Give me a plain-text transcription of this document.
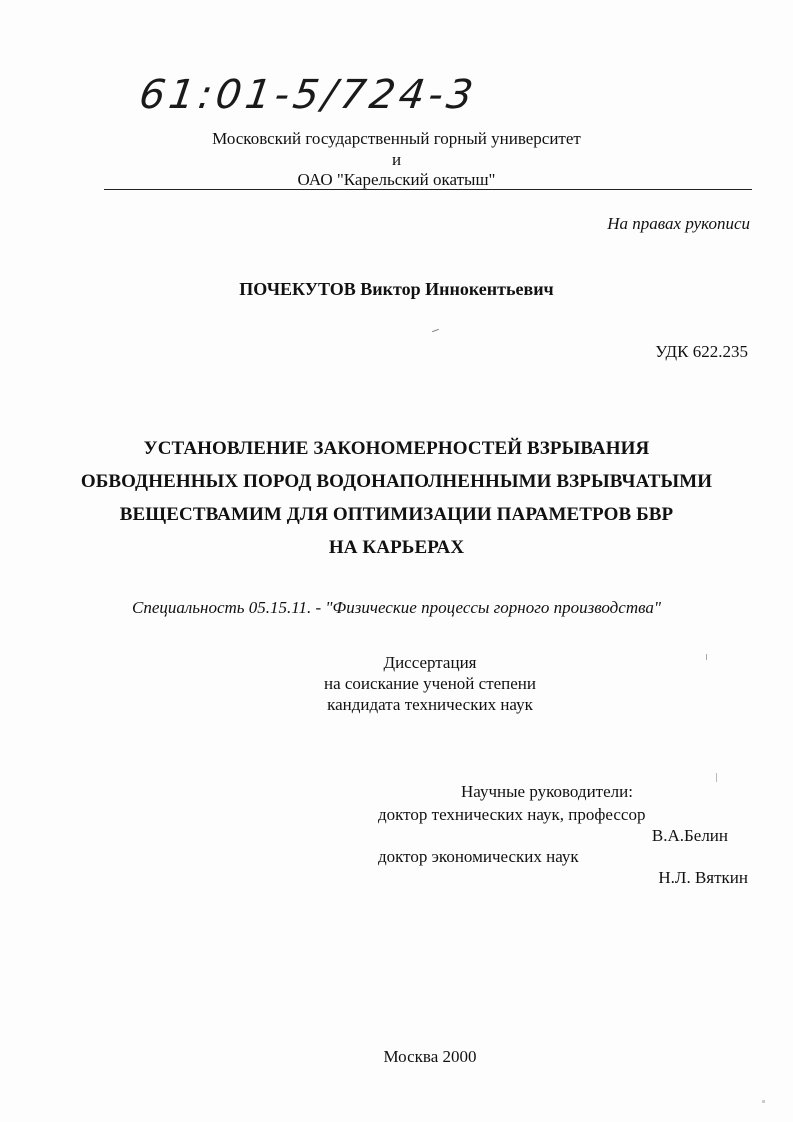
61:01-5/724-3
Московский государственный горный университет
и
ОАО "Карельский окатыш"
На правах рукописи
ПОЧЕКУТОВ Виктор Иннокентьевич
УДК 622.235
УСТАНОВЛЕНИЕ ЗАКОНОМЕРНОСТЕЙ ВЗРЫВАНИЯ
ОБВОДНЕННЫХ ПОРОД ВОДОНАПОЛНЕННЫМИ ВЗРЫВЧАТЫМИ
ВЕЩЕСТВАМИМ ДЛЯ ОПТИМИЗАЦИИ ПАРАМЕТРОВ БВР
НА КАРЬЕРАХ
Специальность 05.15.11. - "Физические процессы горного производства"
Диссертация
на соискание ученой степени
кандидата технических наук
Научные руководители:
доктор технических наук, профессор
В.А.Белин
доктор экономических наук
Н.Л. Вяткин
Москва 2000
